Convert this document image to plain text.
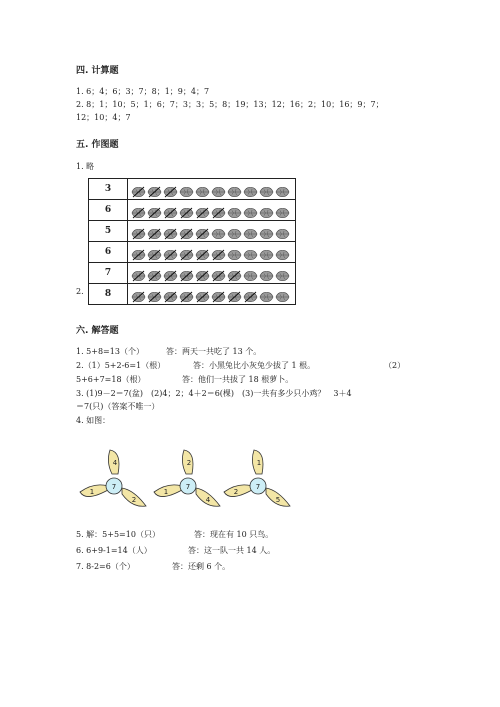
四. 计算题
1. 6；4；6；3；7；8；1；9；4；7
2. 8；1；10；5；1；6；7；3；3；5；8；19；13；12；16；2；10；16；9；7；
12；10；4；7
五. 作图题
1. 略
2.
3	

6	

5	

6	

7	

8	
六. 解答题
1. 5+8=13（个）	答：两天一共吃了 13 个。
2.（1）5+2-6=1（根）	答：小黑兔比小灰兔少拔了 1 根。	（2）
5+6+7=18（根）	答：他们一共拔了 18 根萝卜。
3. (1)9－2＝7(盆)　(2)4；2；4＋2＝6(棵)　(3)一共有多少只小鸡？　3＋4
＝7(只)（答案不唯一）
4. 如图：
4
1
2
7
2
1
4
7
1
2
5
7
5. 解：5+5=10（只）	答：现在有 10 只鸟。
6. 6+9-1=14（人）	答：这一队一共 14 人。
7. 8-2=6（个）	答：还剩 6 个。
